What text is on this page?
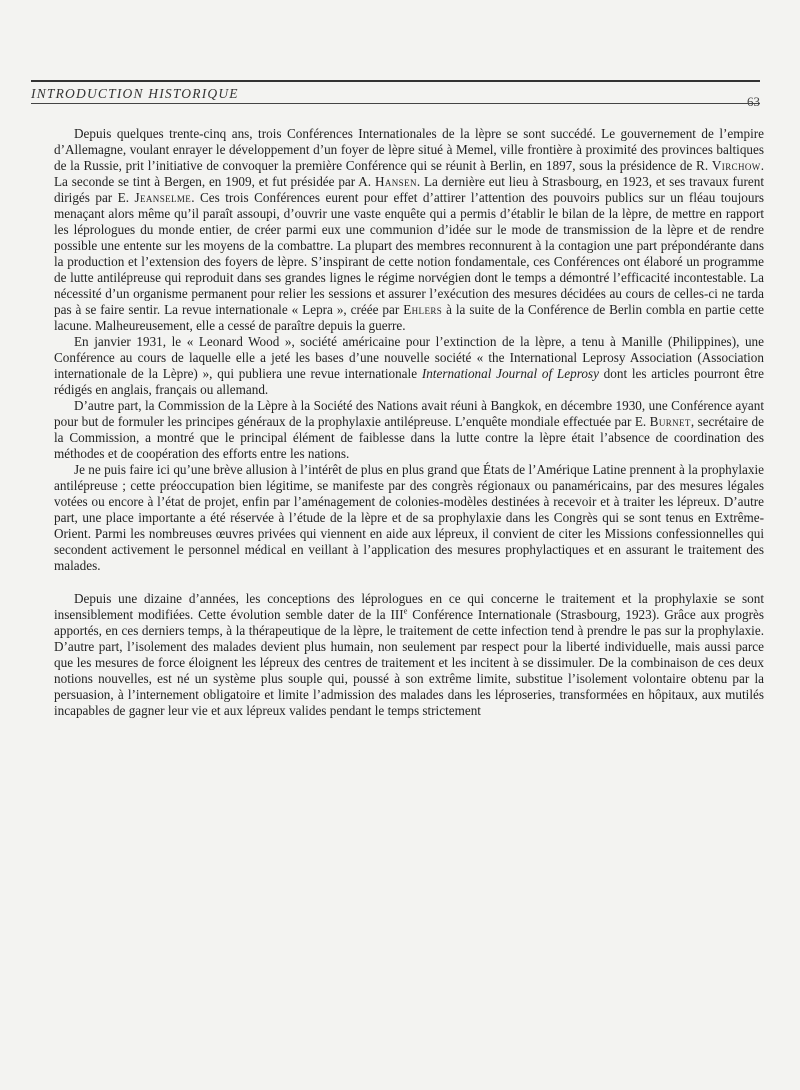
INTRODUCTION HISTORIQUE
63

Depuis quelques trente-cinq ans, trois Conférences Internationales de la lèpre se sont succédé. Le gouvernement de l’empire d’Allemagne, voulant enrayer le développement d’un foyer de lèpre situé à Memel, ville frontière à proximité des provinces baltiques de la Russie, prit l’initiative de convoquer la première Conférence qui se réunit à Berlin, en 1897, sous la présidence de R. Virchow. La seconde se tint à Bergen, en 1909, et fut présidée par A. Hansen. La dernière eut lieu à Strasbourg, en 1923, et ses travaux furent dirigés par E. Jeanselme. Ces trois Conférences eurent pour effet d’attirer l’attention des pouvoirs publics sur un fléau toujours menaçant alors même qu’il paraît assoupi, d’ouvrir une vaste enquête qui a permis d’établir le bilan de la lèpre, de mettre en rapport les léprologues du monde entier, de créer parmi eux une communion d’idée sur le mode de transmission de la lèpre et de rendre possible une entente sur les moyens de la combattre. La plupart des membres reconnurent à la contagion une part prépondérante dans la production et l’extension des foyers de lèpre. S’inspirant de cette notion fondamentale, ces Conférences ont élaboré un programme de lutte antilépreuse qui reproduit dans ses grandes lignes le régime norvégien dont le temps a démontré l’efficacité incontestable. La nécessité d’un organisme permanent pour relier les sessions et assurer l’exécution des mesures décidées au cours de celles-ci ne tarda pas à se faire sentir. La revue internationale « Lepra », créée par Ehlers à la suite de la Conférence de Berlin combla en partie cette lacune. Malheureusement, elle a cessé de paraître depuis la guerre.

En janvier 1931, le « Leonard Wood », société américaine pour l’extinction de la lèpre, a tenu à Manille (Philippines), une Conférence au cours de laquelle elle a jeté les bases d’une nouvelle société « the International Leprosy Association (Association internationale de la Lèpre) », qui publiera une revue internationale International Journal of Leprosy dont les articles pourront être rédigés en anglais, français ou allemand.

D’autre part, la Commission de la Lèpre à la Société des Nations avait réuni à Bangkok, en décembre 1930, une Conférence ayant pour but de formuler les principes généraux de la prophylaxie antilépreuse. L’enquête mondiale effectuée par E. Burnet, secrétaire de la Commission, a montré que le principal élément de faiblesse dans la lutte contre la lèpre était l’absence de coordination des méthodes et de coopération des efforts entre les nations.

Je ne puis faire ici qu’une brève allusion à l’intérêt de plus en plus grand que États de l’Amérique Latine prennent à la prophylaxie antilépreuse ; cette préoccupation bien légitime, se manifeste par des congrès régionaux ou panaméricains, par des mesures légales votées ou encore à l’état de projet, enfin par l’aménagement de colonies-modèles destinées à recevoir et à traiter les lépreux. D’autre part, une place importante a été réservée à l’étude de la lèpre et de sa prophylaxie dans les Congrès qui se sont tenus en Extrême-Orient. Parmi les nombreuses œuvres privées qui viennent en aide aux lépreux, il convient de citer les Missions confessionnelles qui secondent activement le personnel médical en veillant à l’application des mesures prophylactiques et en assurant le traitement des malades.

Depuis une dizaine d’années, les conceptions des léprologues en ce qui concerne le traitement et la prophylaxie se sont insensiblement modifiées. Cette évolution semble dater de la IIIe Conférence Internationale (Strasbourg, 1923). Grâce aux progrès apportés, en ces derniers temps, à la thérapeutique de la lèpre, le traitement de cette infection tend à prendre le pas sur la prophylaxie. D’autre part, l’isolement des malades devient plus humain, non seulement par respect pour la liberté individuelle, mais aussi parce que les mesures de force éloignent les lépreux des centres de traitement et les incitent à se dissimuler. De la combinaison de ces deux notions nouvelles, est né un système plus souple qui, poussé à son extrême limite, substitue l’isolement volontaire obtenu par la persuasion, à l’internement obligatoire et limite l’admission des malades dans les léproseries, transformées en hôpitaux, aux mutilés incapables de gagner leur vie et aux lépreux valides pendant le temps strictement
